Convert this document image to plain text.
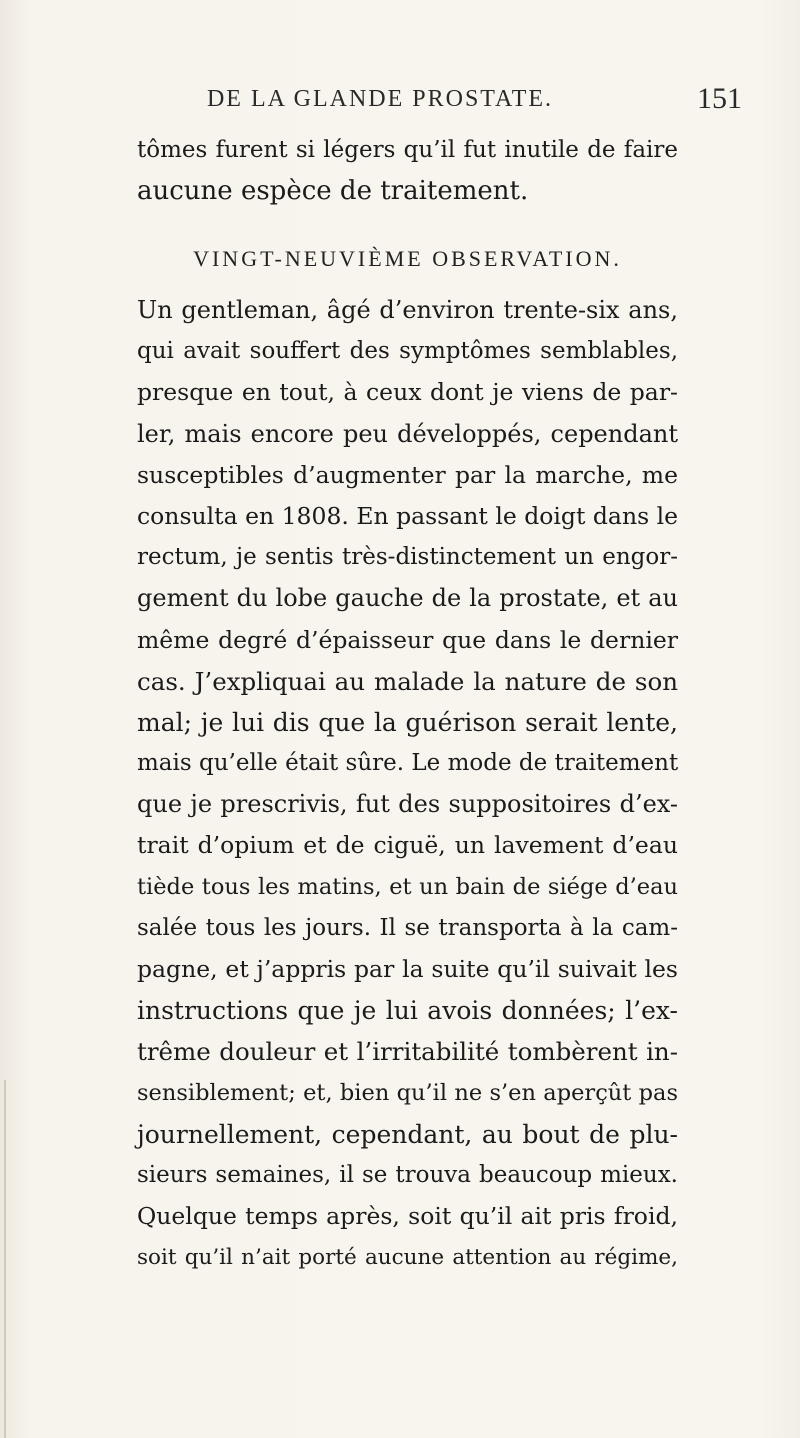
DE LA GLANDE PROSTATE.	151
tômes furent si légers qu’il fut inutile de faire
aucune espèce de traitement.
VINGT-NEUVIÈME OBSERVATION.
Un gentleman, âgé d’environ trente-six ans,
qui avait souffert des symptômes semblables,
presque en tout, à ceux dont je viens de par-
ler, mais encore peu développés, cependant
susceptibles d’augmenter par la marche, me
consulta en 1808. En passant le doigt dans le
rectum, je sentis très-distinctement un engor-
gement du lobe gauche de la prostate, et au
même degré d’épaisseur que dans le dernier
cas. J’expliquai au malade la nature de son
mal; je lui dis que la guérison serait lente,
mais qu’elle était sûre. Le mode de traitement
que je prescrivis, fut des suppositoires d’ex-
trait d’opium et de ciguë, un lavement d’eau
tiède tous les matins, et un bain de siége d’eau
salée tous les jours. Il se transporta à la cam-
pagne, et j’appris par la suite qu’il suivait les
instructions que je lui avois données; l’ex-
trême douleur et l’irritabilité tombèrent in-
sensiblement; et, bien qu’il ne s’en aperçût pas
journellement, cependant, au bout de plu-
sieurs semaines, il se trouva beaucoup mieux.
Quelque temps après, soit qu’il ait pris froid,
soit qu’il n’ait porté aucune attention au régime,
